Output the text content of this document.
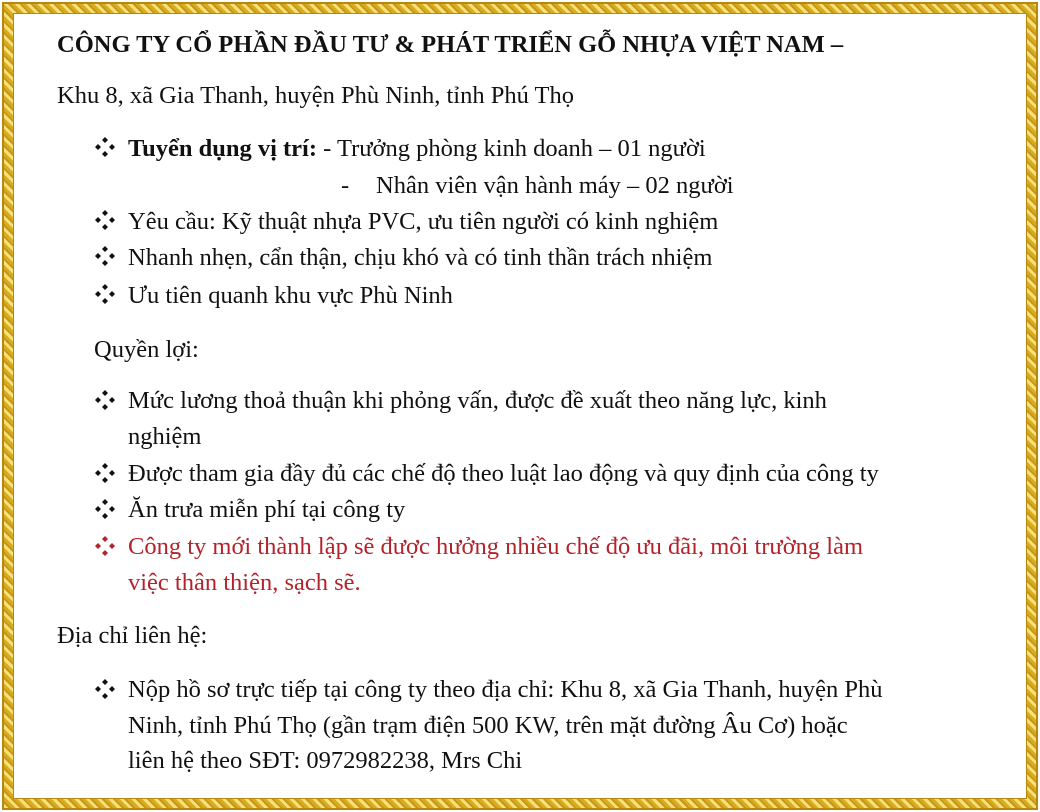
CÔNG TY CỔ PHẦN ĐẦU TƯ & PHÁT TRIỂN GỖ NHỰA VIỆT NAM –
Khu 8, xã Gia Thanh, huyện Phù Ninh, tỉnh Phú Thọ
Tuyển dụng vị trí: - Trưởng phòng kinh doanh – 01 người
- Nhân viên vận hành máy – 02 người
Yêu cầu: Kỹ thuật nhựa PVC, ưu tiên người có kinh nghiệm
Nhanh nhẹn, cẩn thận, chịu khó và có tinh thần trách nhiệm
Ưu tiên quanh khu vực Phù Ninh
Quyền lợi:
Mức lương thoả thuận khi phỏng vấn, được đề xuất theo năng lực, kinh
nghiệm
Được tham gia đầy đủ các chế độ theo luật lao động và quy định của công ty
Ăn trưa miễn phí tại công ty
Công ty mới thành lập sẽ được hưởng nhiều chế độ ưu đãi, môi trường làm
việc thân thiện, sạch sẽ.
Địa chỉ liên hệ:
Nộp hồ sơ trực tiếp tại công ty theo địa chỉ: Khu 8, xã Gia Thanh, huyện Phù
Ninh, tỉnh Phú Thọ (gần trạm điện 500 KW, trên mặt đường Âu Cơ) hoặc
liên hệ theo SĐT: 0972982238, Mrs Chi
